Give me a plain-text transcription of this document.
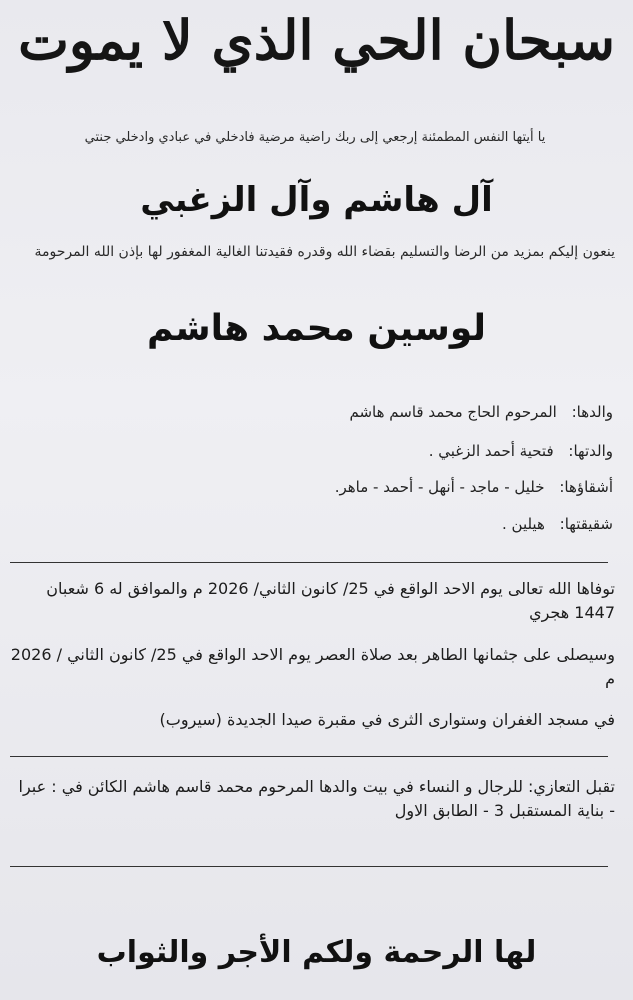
سبحان الحي الذي لا يموت
يا أيتها النفس المطمئنة إرجعي إلى ربك راضية مرضية فادخلي في عبادي وادخلي جنتي
آل هاشم وآل الزغبي
ينعون إليكم بمزيد من الرضا والتسليم بقضاء الله وقدره فقيدتنا الغالية المغفور لها بإذن الله المرحومة
لوسين محمد هاشم
والدها: المرحوم الحاج محمد قاسم هاشم
والدتها: فتحية أحمد الزغبي .
أشقاؤها: خليل - ماجد - أنهل - أحمد - ماهر.
شقيقتها: هيلين .
توفاها الله تعالى يوم الاحد الواقع في 25/ كانون الثاني/ 2026 م والموافق له 6 شعبان 1447 هجري
وسيصلى على جثمانها الطاهر بعد صلاة العصر يوم الاحد الواقع في 25/ كانون الثاني / 2026 م
في مسجد الغفران وستوارى الثرى في مقبرة صيدا الجديدة (سيروب)
تقبل التعازي: للرجال و النساء في بيت والدها المرحوم محمد قاسم هاشم الكائن في : عبرا - بناية المستقبل 3 - الطابق الاول
لها الرحمة ولكم الأجر والثواب
